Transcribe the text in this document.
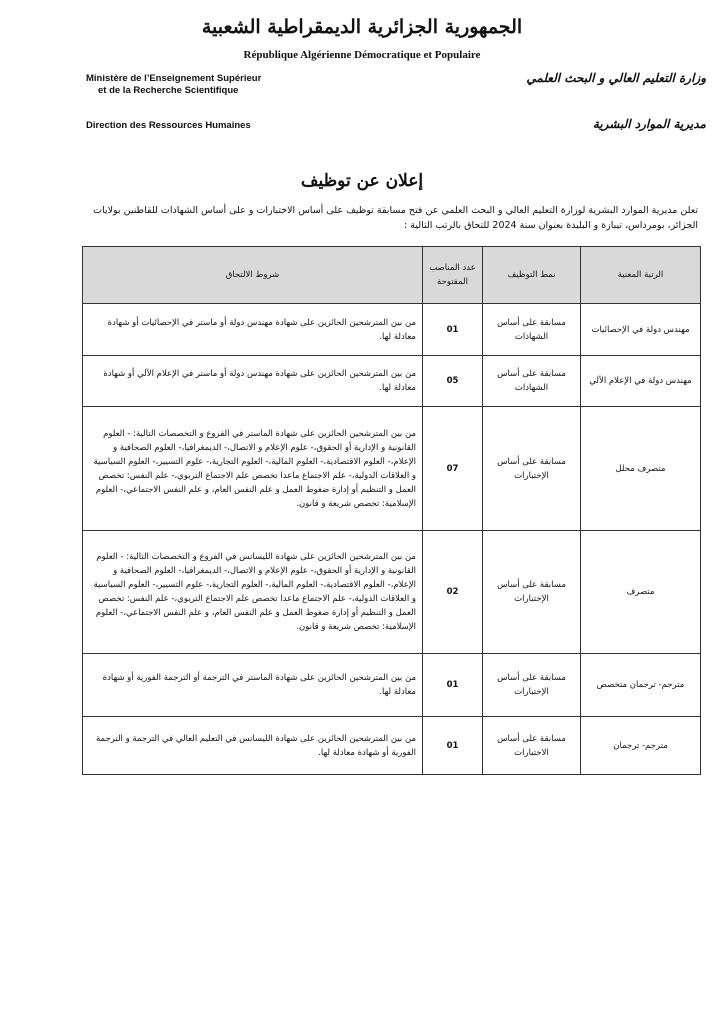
الجمهورية الجزائرية الديمقراطية الشعبية
République Algérienne Démocratique et Populaire
Ministère de l’Enseignement Supérieur
et de la Recherche Scientifique
Direction des Ressources Humaines
وزارة التعليم العالي و البحث العلمي
مديرية الموارد البشرية
إعلان عن توظيف
تعلن مديرية الموارد البشرية لوزارة التعليم العالي و البحث العلمي عن فتح مسابقة توظيف على أساس الاختبارات و على أساس الشهادات للقاطنين بولايات الجزائر، بومرداس، تيبازة و البليدة بعنوان سنة 2024 للتحاق بالرتب التالية :
الرتبة المعنية	نمط التوظيف	عدد المناصب المفتوحة	شروط الالتحاق
مهندس دولة في الإحصائيات	مسابقة على أساس الشهادات	01	من بين المترشحين الحائزين على شهادة مهندس دولة أو ماستر في الإحصائيات أو شهادة معادلة لها.
مهندس دولة في الإعلام الآلي	مسابقة على أساس الشهادات	05	من بين المترشحين الحائزين على شهادة مهندس دولة أو ماستر في الإعلام الآلي أو شهادة معادلة لها.
متصرف محلل	مسابقة على أساس الإختبارات	07	من بين المترشحين الحائزين على شهادة الماستر في الفروع و التخصصات التالية: - العلوم القانونية و الإدارية أو الحقوق،- علوم الإعلام و الاتصال،- الديمغرافيا،- العلوم الصحافية و الإعلام،- العلوم الاقتصادية،- العلوم المالية،- العلوم التجارية،- علوم التسيير،- العلوم السياسية و العلاقات الدولية،- علم الاجتماع ماعدا تخصص علم الاجتماع التربوي،- علم النفس: تخصص العمل و التنظيم أو إدارة ضغوط العمل و علم النفس العام، و علم النفس الاجتماعي،- العلوم الإسلامية: تخصص شريعة و قانون.
متصرف	مسابقة على أساس الإختبارات	02	من بين المترشحين الحائزين على شهادة الليسانس في الفروع و التخصصات التالية: - العلوم القانونية و الإدارية أو الحقوق،- علوم الإعلام و الاتصال،- الديمغرافيا،- العلوم الصحافية و الإعلام،- العلوم الاقتصادية،- العلوم المالية،- العلوم التجارية،- علوم التسيير،- العلوم السياسية و العلاقات الدولية،- علم الاجتماع ماعدا تخصص علم الاجتماع التربوي،- علم النفس: تخصص العمل و التنظيم أو إدارة ضغوط العمل و علم النفس العام، و علم النفس الاجتماعي،- العلوم الإسلامية: تخصص شريعة و قانون.
مترجم- ترجمان متخصص	مسابقة على أساس الإختبارات	01	من بين المترشحين الحائزين على شهادة الماستر في الترجمة أو الترجمة الفورية أو شهادة معادلة لها.
مترجم- ترجمان	مسابقة على أساس الاختبارات	01	من بين المترشحين الحائزين على شهادة الليسانس في التعليم العالي في الترجمة و الترجمة الفورية أو شهادة معادلة لها.
